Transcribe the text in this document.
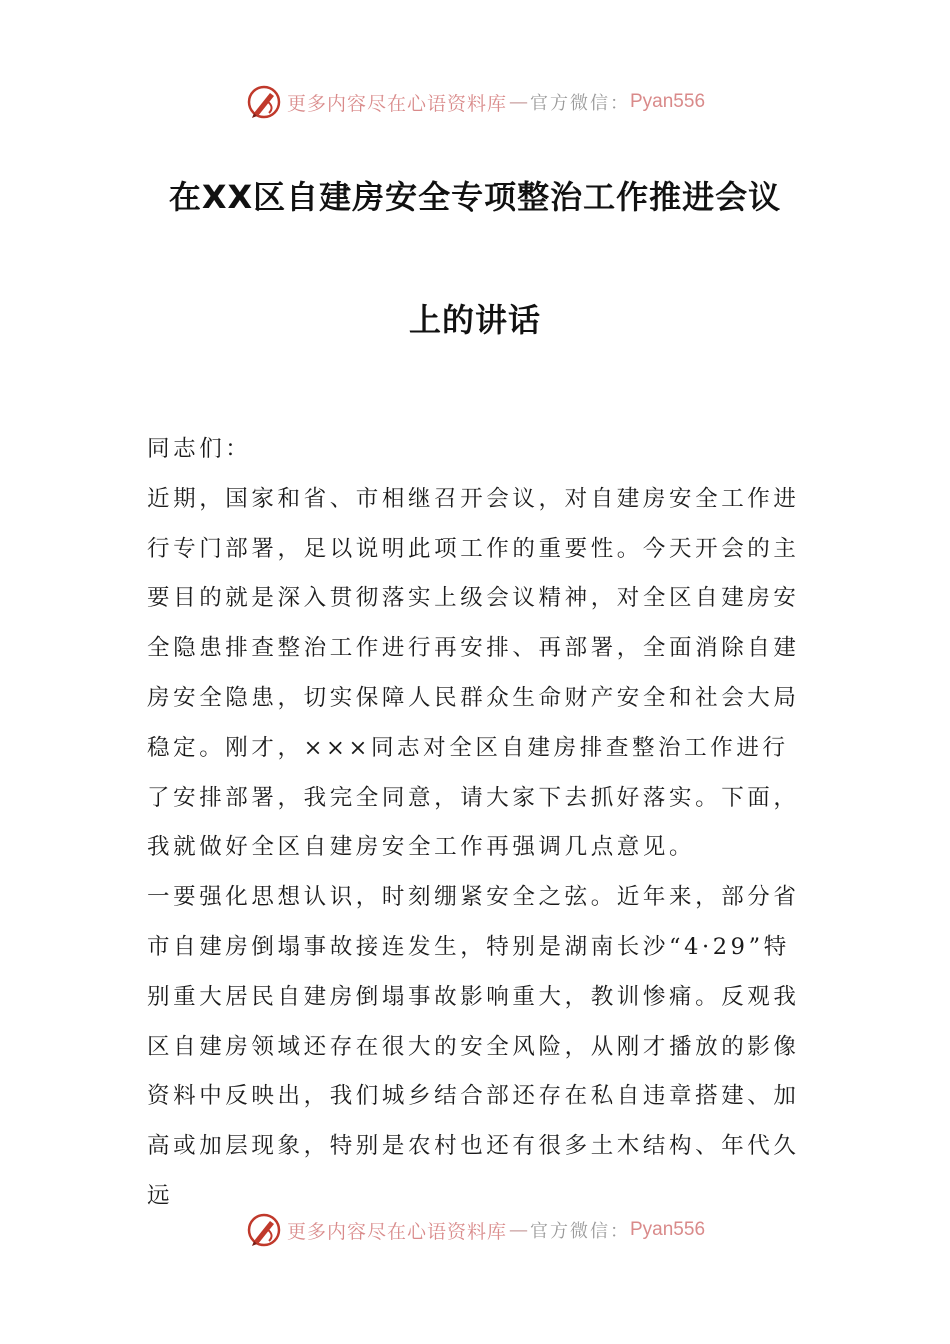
更多内容尽在心语资料库 — 官方微信： Pyan556
在XX区自建房安全专项整治工作推进会议
上的讲话

同志们：

近期，国家和省、市相继召开会议，对自建房安全工作进行专门部署，足以说明此项工作的重要性。今天开会的主要目的就是深入贯彻落实上级会议精神，对全区自建房安全隐患排查整治工作进行再安排、再部署，全面消除自建房安全隐患，切实保障人民群众生命财产安全和社会大局稳定。刚才，×××同志对全区自建房排查整治工作进行了安排部署，我完全同意，请大家下去抓好落实。下面，我就做好全区自建房安全工作再强调几点意见。

一要强化思想认识，时刻绷紧安全之弦。近年来，部分省市自建房倒塌事故接连发生，特别是湖南长沙“4·29”特别重大居民自建房倒塌事故影响重大，教训惨痛。反观我区自建房领域还存在很大的安全风险，从刚才播放的影像资料中反映出，我们城乡结合部还存在私自违章搭建、加高或加层现象，特别是农村也还有很多土木结构、年代久远

更多内容尽在心语资料库 — 官方微信： Pyan556
